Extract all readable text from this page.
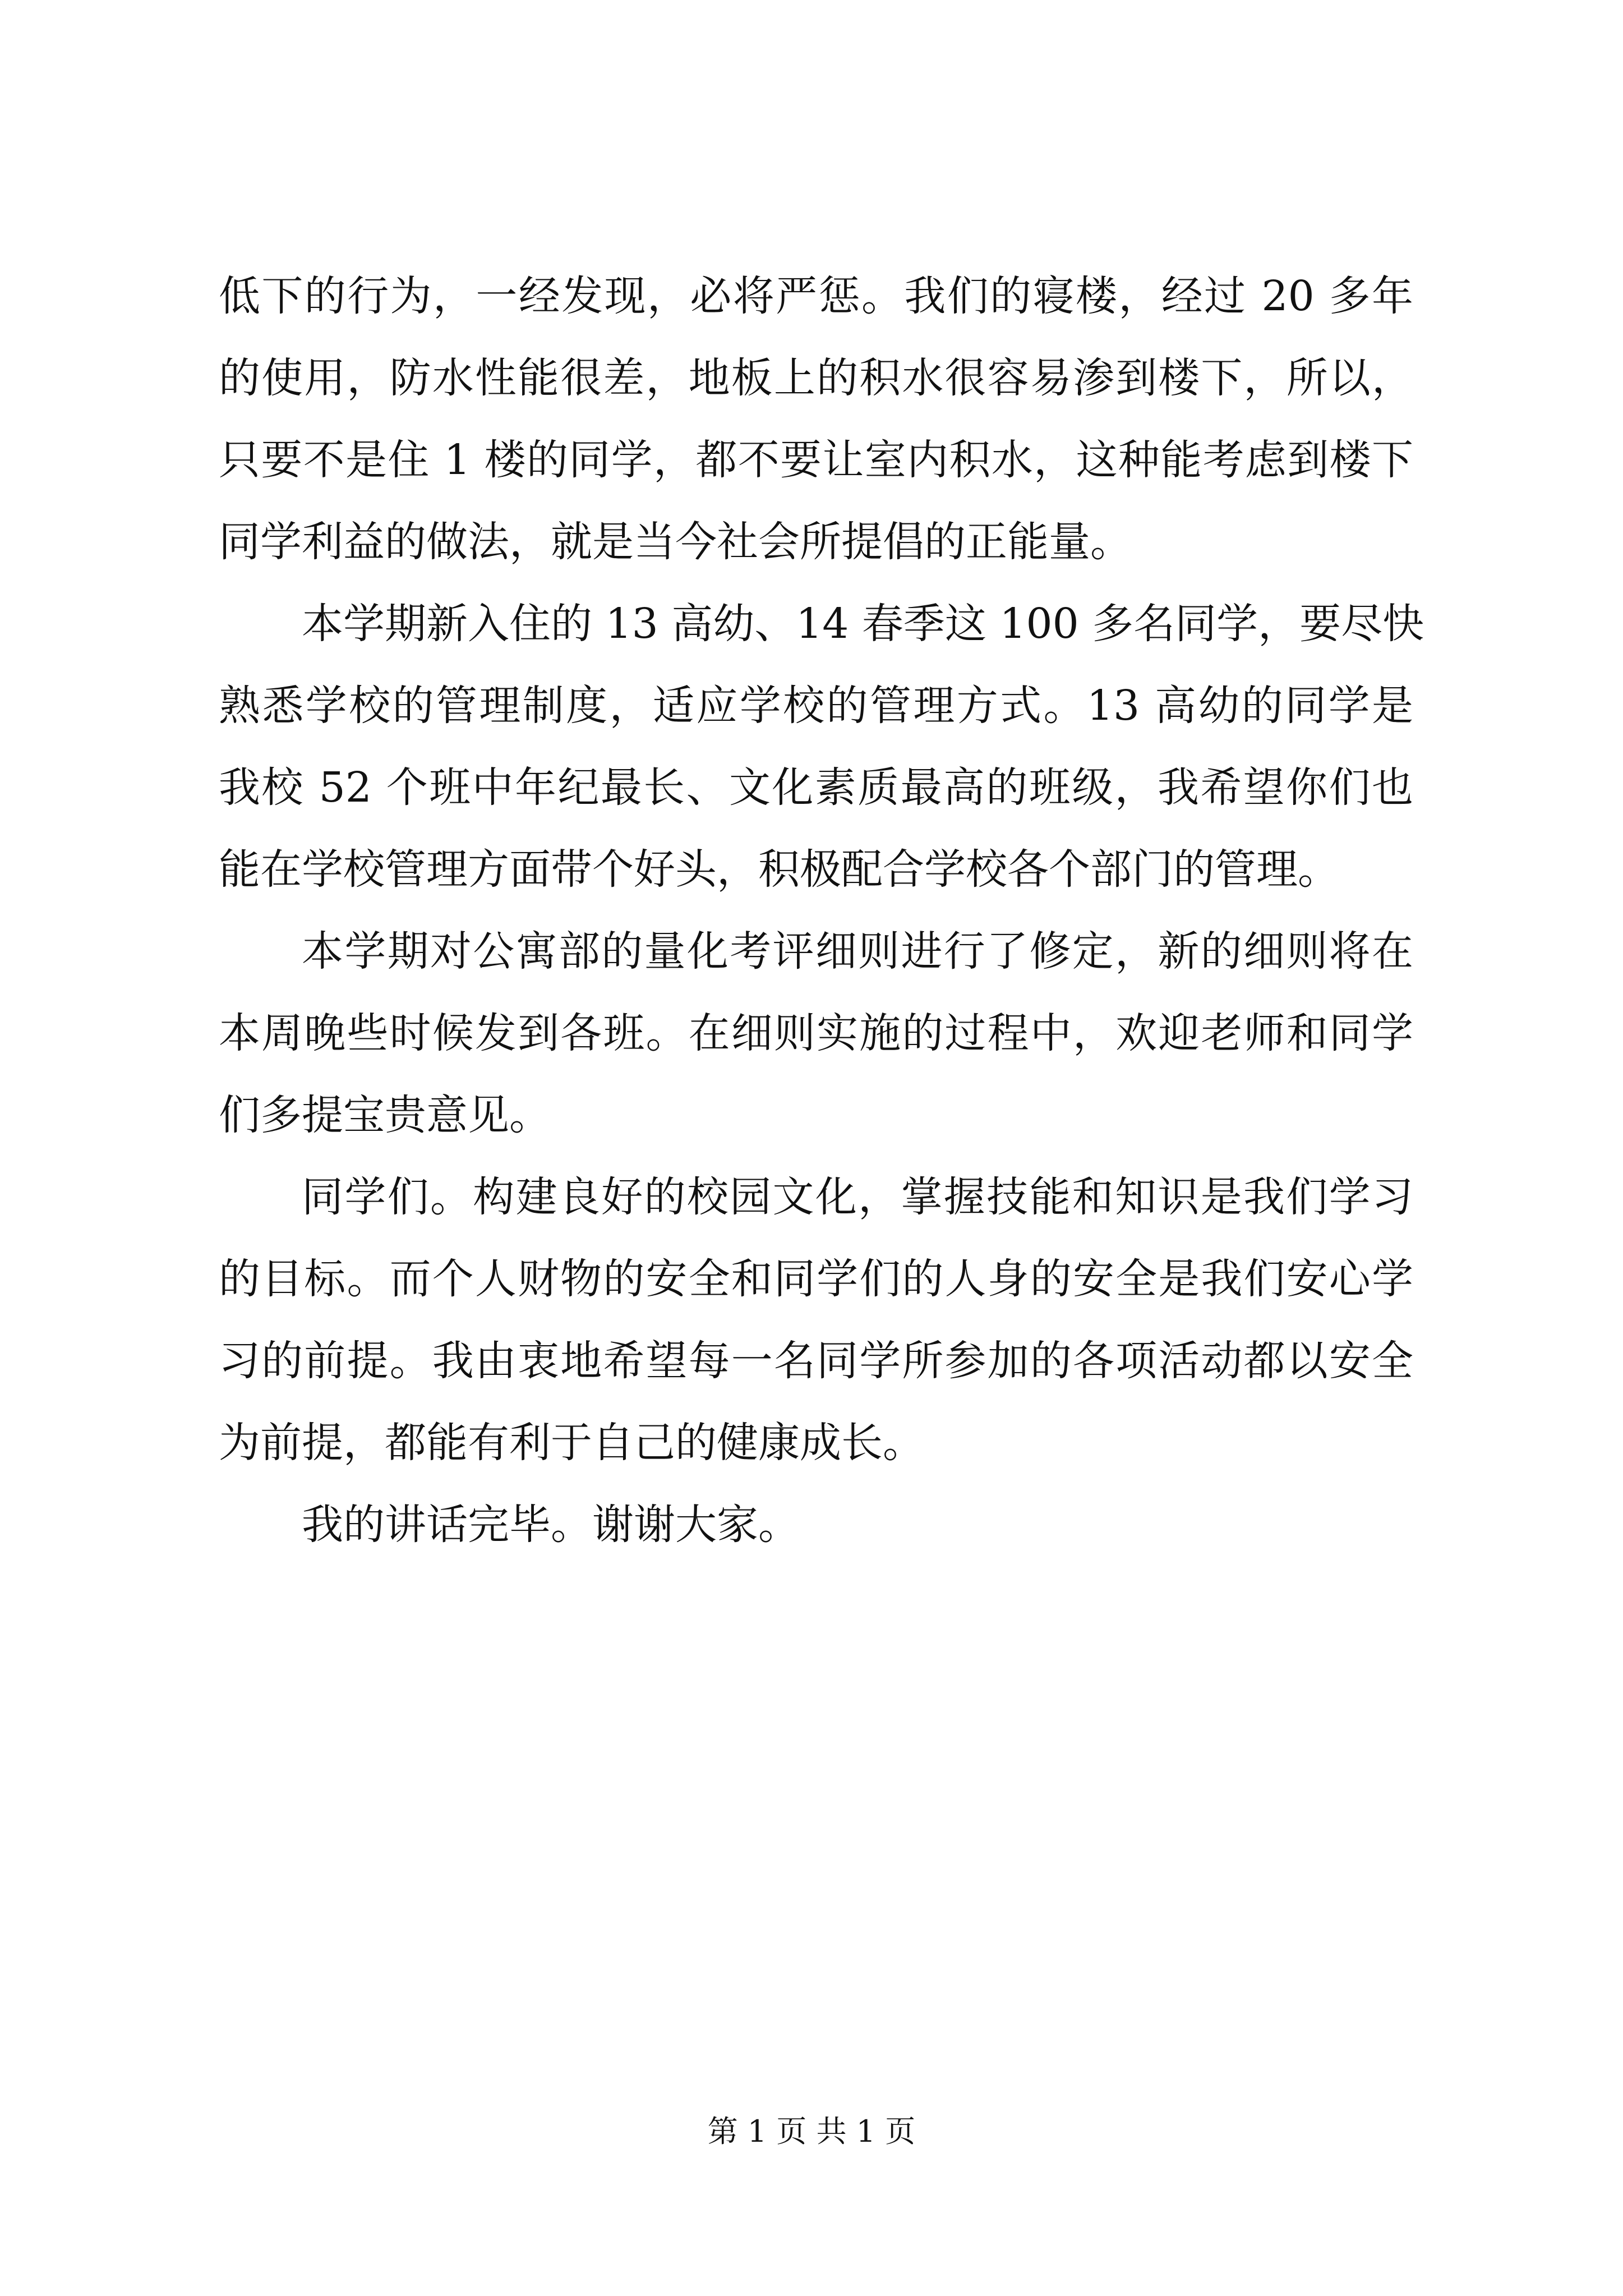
低下的行为，一经发现，必将严惩。我们的寝楼，经过 20 多年
的使用，防水性能很差，地板上的积水很容易渗到楼下，所以，
只要不是住 1 楼的同学，都不要让室内积水，这种能考虑到楼下
同学利益的做法，就是当今社会所提倡的正能量。
本学期新入住的 13 高幼、14 春季这 100 多名同学，要尽快
熟悉学校的管理制度，适应学校的管理方式。13 高幼的同学是
我校 52 个班中年纪最长、文化素质最高的班级，我希望你们也
能在学校管理方面带个好头，积极配合学校各个部门的管理。
本学期对公寓部的量化考评细则进行了修定，新的细则将在
本周晚些时候发到各班。在细则实施的过程中，欢迎老师和同学
们多提宝贵意见。
同学们。构建良好的校园文化，掌握技能和知识是我们学习
的目标。而个人财物的安全和同学们的人身的安全是我们安心学
习的前提。我由衷地希望每一名同学所参加的各项活动都以安全
为前提，都能有利于自己的健康成长。
我的讲话完毕。谢谢大家。
第 1 页 共 1 页
